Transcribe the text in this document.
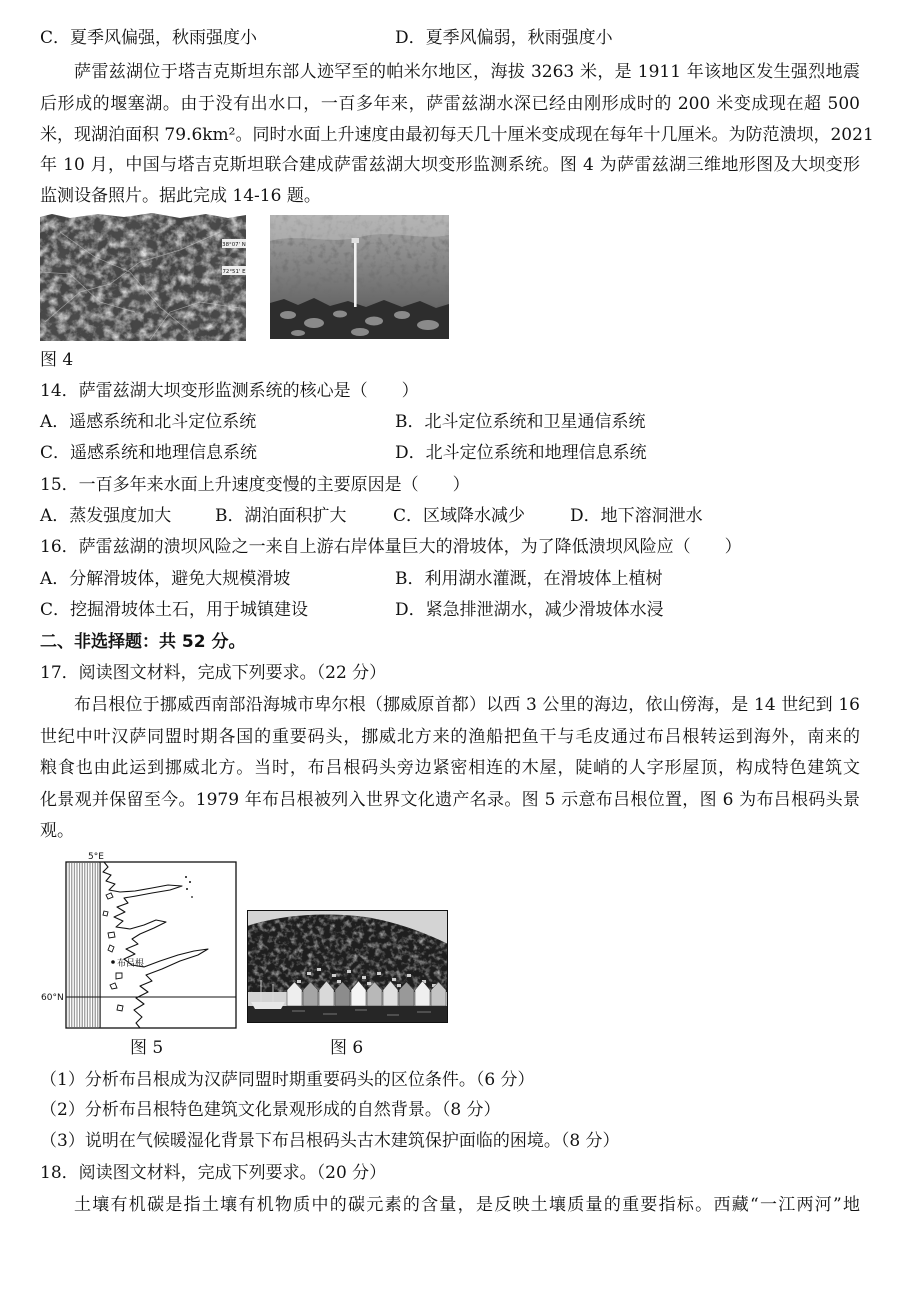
C．夏季风偏强，秋雨强度小	D．夏季风偏弱，秋雨强度小
萨雷兹湖位于塔吉克斯坦东部人迹罕至的帕米尔地区，海拔 3263 米，是 1911 年该地区发生强烈地震
后形成的堰塞湖。由于没有出水口，一百多年来，萨雷兹湖水深已经由刚形成时的 200 米变成现在超 500
米，现湖泊面积 79.6km²。同时水面上升速度由最初每天几十厘米变成现在每年十几厘米。为防范溃坝，2021
年 10 月，中国与塔吉克斯坦联合建成萨雷兹湖大坝变形监测系统。图 4 为萨雷兹湖三维地形图及大坝变形
监测设备照片。据此完成 14-16 题。
38°07' N
72°51' E
图 4
14．萨雷兹湖大坝变形监测系统的核心是（　　）
A．遥感系统和北斗定位系统	B．北斗定位系统和卫星通信系统
C．遥感系统和地理信息系统	D．北斗定位系统和地理信息系统
15．一百多年来水面上升速度变慢的主要原因是（　　）
A．蒸发强度加大	B．湖泊面积扩大	C．区域降水减少	D．地下溶洞泄水
16．萨雷兹湖的溃坝风险之一来自上游右岸体量巨大的滑坡体，为了降低溃坝风险应（　　）
A．分解滑坡体，避免大规模滑坡	B．利用湖水灌溉，在滑坡体上植树
C．挖掘滑坡体土石，用于城镇建设	D．紧急排泄湖水，减少滑坡体水浸
二、非选择题：共 52 分。
17．阅读图文材料，完成下列要求。（22 分）
布吕根位于挪威西南部沿海城市卑尔根（挪威原首都）以西 3 公里的海边，依山傍海，是 14 世纪到 16
世纪中叶汉萨同盟时期各国的重要码头，挪威北方来的渔船把鱼干与毛皮通过布吕根转运到海外，南来的
粮食也由此运到挪威北方。当时，布吕根码头旁边紧密相连的木屋，陡峭的人字形屋顶，构成特色建筑文
化景观并保留至今。1979 年布吕根被列入世界文化遗产名录。图 5 示意布吕根位置，图 6 为布吕根码头景
观。
5°E
60°N
布吕根
图 5	图 6
（1）分析布吕根成为汉萨同盟时期重要码头的区位条件。（6 分）
（2）分析布吕根特色建筑文化景观形成的自然背景。（8 分）
（3）说明在气候暖湿化背景下布吕根码头古木建筑保护面临的困境。（8 分）
18．阅读图文材料，完成下列要求。（20 分）
土壤有机碳是指土壤有机物质中的碳元素的含量，是反映土壤质量的重要指标。西藏“一江两河”地
